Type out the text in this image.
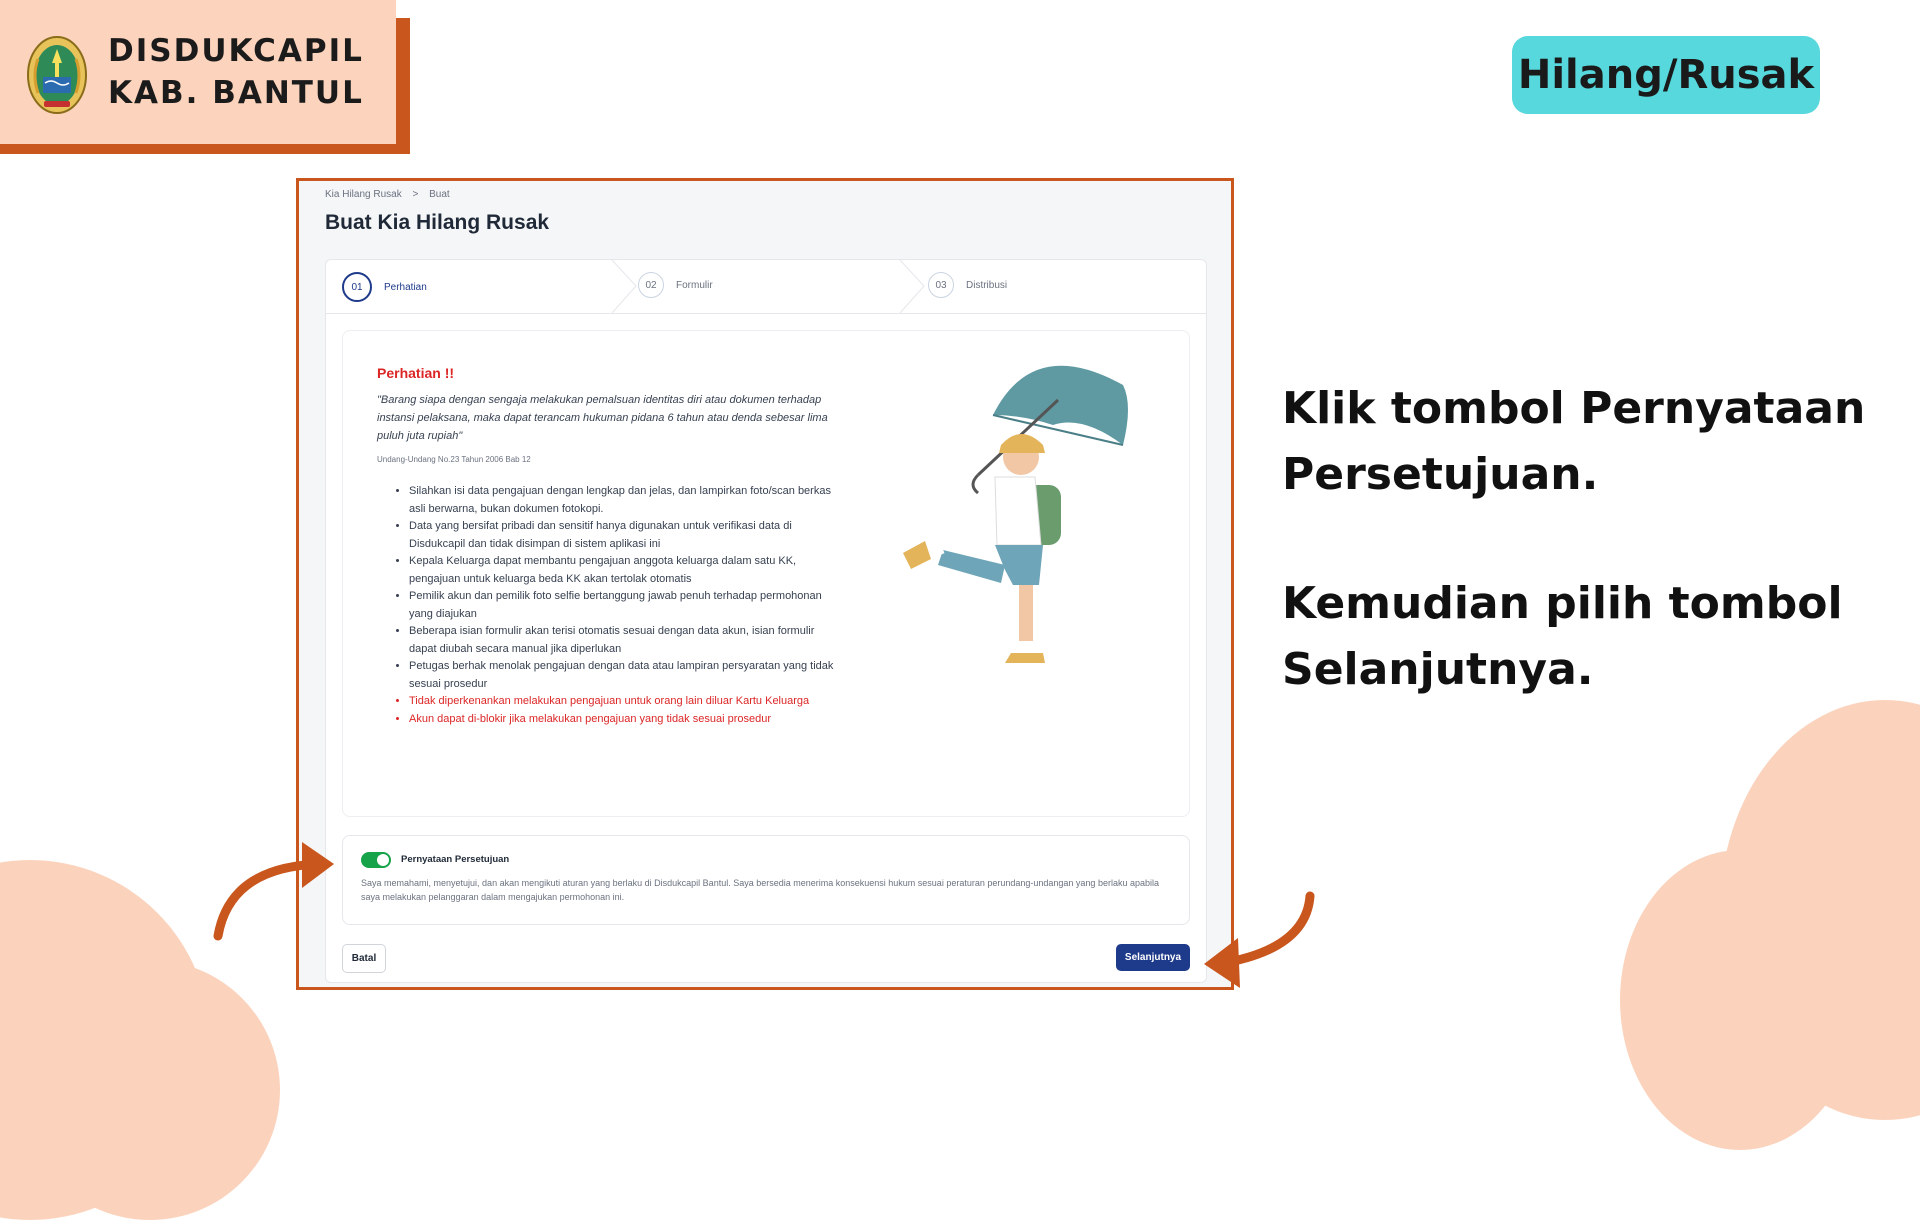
DISDUKCAPIL
KAB. BANTUL	Hilang/Rusak
Klik tombol Pernyataan Persetujuan.
Kemudian pilih tombol Selanjutnya.
Kia Hilang Rusak > Buat
Buat Kia Hilang Rusak
01	Perhatian	02	Formulir	03	Distribusi
Perhatian !!
"Barang siapa dengan sengaja melakukan pemalsuan identitas diri atau dokumen terhadap instansi pelaksana, maka dapat terancam hukuman pidana 6 tahun atau denda sebesar lima puluh juta rupiah"
Undang-Undang No.23 Tahun 2006 Bab 12
• Silahkan isi data pengajuan dengan lengkap dan jelas, dan lampirkan foto/scan berkas asli berwarna, bukan dokumen fotokopi.
• Data yang bersifat pribadi dan sensitif hanya digunakan untuk verifikasi data di Disdukcapil dan tidak disimpan di sistem aplikasi ini
• Kepala Keluarga dapat membantu pengajuan anggota keluarga dalam satu KK, pengajuan untuk keluarga beda KK akan tertolak otomatis
• Pemilik akun dan pemilik foto selfie bertanggung jawab penuh terhadap permohonan yang diajukan
• Beberapa isian formulir akan terisi otomatis sesuai dengan data akun, isian formulir dapat diubah secara manual jika diperlukan
• Petugas berhak menolak pengajuan dengan data atau lampiran persyaratan yang tidak sesuai prosedur
• Tidak diperkenankan melakukan pengajuan untuk orang lain diluar Kartu Keluarga
• Akun dapat di-blokir jika melakukan pengajuan yang tidak sesuai prosedur
Pernyataan Persetujuan
Saya memahami, menyetujui, dan akan mengikuti aturan yang berlaku di Disdukcapil Bantul. Saya bersedia menerima konsekuensi hukum sesuai peraturan perundang-undangan yang berlaku apabila saya melakukan pelanggaran dalam mengajukan permohonan ini.
Batal	Selanjutnya
